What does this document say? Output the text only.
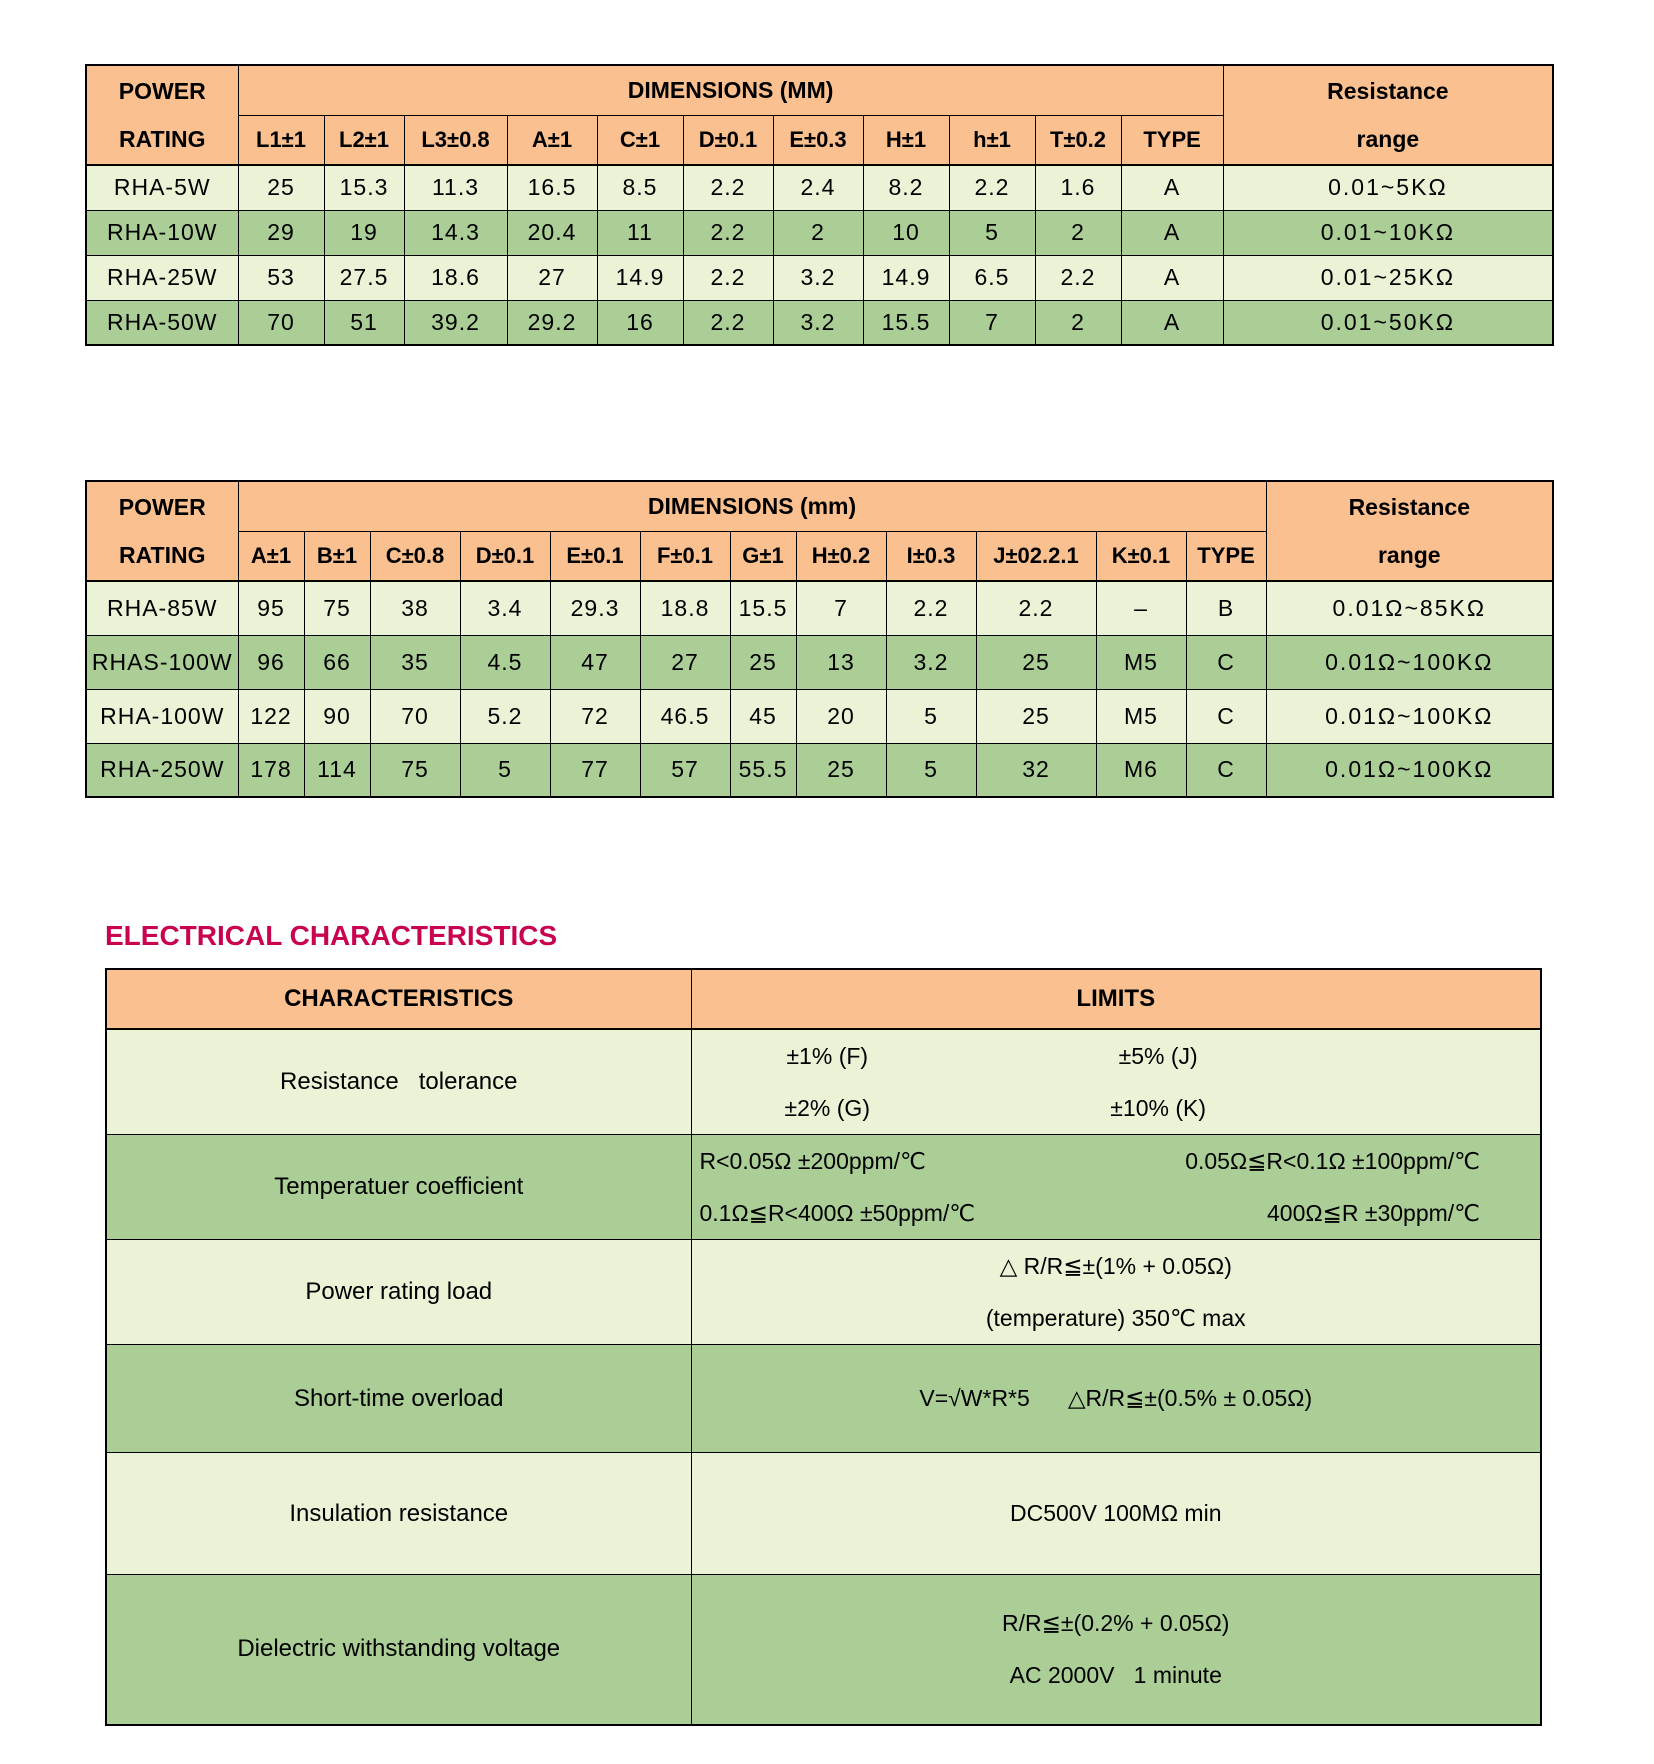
POWER
RATING	DIMENSIONS (MM)											Resistance
range

	L1±1	L2±1	L3±0.8	A±1	C±1	D±0.1	E±0.3	H±1	h±1	T±0.2	TYPE	
RHA-5W	25	15.3	11.3	16.5	8.5	2.2	2.4	8.2	2.2	1.6	A	0.01~5KΩ
RHA-10W	29	19	14.3	20.4	11	2.2	2	10	5	2	A	0.01~10KΩ
RHA-25W	53	27.5	18.6	27	14.9	2.2	3.2	14.9	6.5	2.2	A	0.01~25KΩ
RHA-50W	70	51	39.2	29.2	16	2.2	3.2	15.5	7	2	A	0.01~50KΩ
POWER
RATING	DIMENSIONS (mm)												Resistance
range

	A±1	B±1	C±0.8	D±0.1	E±0.1	F±0.1	G±1	H±0.2	I±0.3	J±02.2.1	K±0.1	TYPE	
RHA-85W	95	75	38	3.4	29.3	18.8	15.5	7	2.2	2.2	–	B	0.01Ω~85KΩ
RHAS-100W	96	66	35	4.5	47	27	25	13	3.2	25	M5	C	0.01Ω~100KΩ
RHA-100W	122	90	70	5.2	72	46.5	45	20	5	25	M5	C	0.01Ω~100KΩ
RHA-250W	178	114	75	5	77	57	55.5	25	5	32	M6	C	0.01Ω~100KΩ
ELECTRICAL CHARACTERISTICS
CHARACTERISTICS	LIMITS
Resistance   tolerance	±1% (F) ±5% (J)
±2% (G) ±10% (K)

Temperatuer coefficient	R<0.05Ω ±200ppm/℃ 0.05Ω≦R<0.1Ω ±100ppm/℃
0.1Ω≦R<400Ω ±50ppm/℃ 400Ω≦R ±30ppm/℃

Power rating load	△ R/R≦±(1% + 0.05Ω)
(temperature) 350℃ max

Short-time overload	V=√W*R*5 △R/R≦±(0.5% ± 0.05Ω)

Insulation resistance	DC500V 100MΩ min

Dielectric withstanding voltage	R/R≦±(0.2% + 0.05Ω)
AC 2000V   1 minute
